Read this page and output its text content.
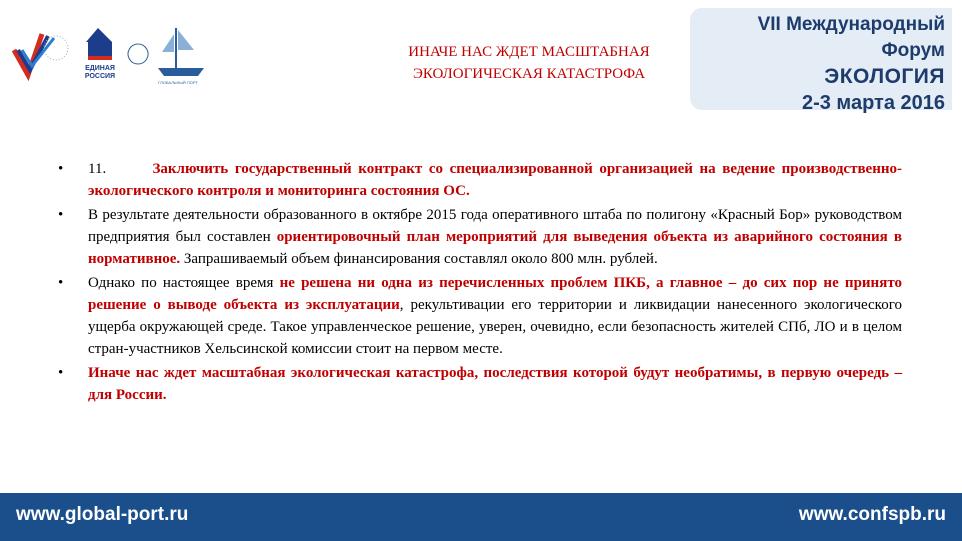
ЕДИНАЯ
РОССИЯ
ГЛОБАЛЬНЫЙ ПОРТ
ИНАЧЕ НАС ЖДЕТ МАСШТАБНАЯ
ЭКОЛОГИЧЕСКАЯ КАТАСТРОФА
VII Международный Форум
ЭКОЛОГИЯ
2-3 марта 2016
• 11.	Заключить государственный контракт со специализированной организацией на ведение производственно-экологического контроля и мониторинга состояния ОС.
• В результате деятельности образованного в октябре 2015 года оперативного штаба по полигону «Красный Бор» руководством предприятия был составлен ориентировочный план мероприятий для выведения объекта из аварийного состояния в нормативное. Запрашиваемый объем финансирования составлял около 800 млн. рублей.
• Однако по настоящее время не решена ни одна из перечисленных проблем ПКБ, а главное – до сих пор не принято решение о выводе объекта из эксплуатации, рекультивации его территории и ликвидации нанесенного экологического ущерба окружающей среде. Такое управленческое решение, уверен, очевидно, если безопасность жителей СПб, ЛО и в целом стран-участников Хельсинской комиссии стоит на первом месте.
• Иначе нас ждет масштабная экологическая катастрофа, последствия которой будут необратимы, в первую очередь – для России.
www.global-port.ru	www.confspb.ru
